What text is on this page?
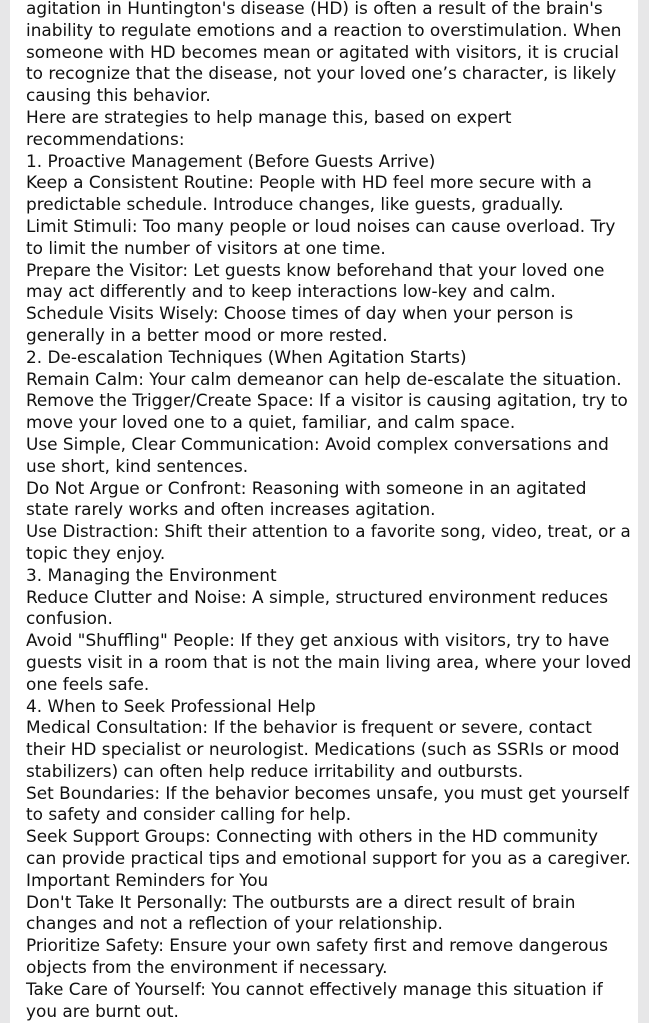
agitation in Huntington's disease (HD) is often a result of the brain's
inability to regulate emotions and a reaction to overstimulation. When
someone with HD becomes mean or agitated with visitors, it is crucial
to recognize that the disease, not your loved one’s character, is likely
causing this behavior.
Here are strategies to help manage this, based on expert
recommendations:
1. Proactive Management (Before Guests Arrive)
Keep a Consistent Routine: People with HD feel more secure with a
predictable schedule. Introduce changes, like guests, gradually.
Limit Stimuli: Too many people or loud noises can cause overload. Try
to limit the number of visitors at one time.
Prepare the Visitor: Let guests know beforehand that your loved one
may act differently and to keep interactions low-key and calm.
Schedule Visits Wisely: Choose times of day when your person is
generally in a better mood or more rested.
2. De-escalation Techniques (When Agitation Starts)
Remain Calm: Your calm demeanor can help de-escalate the situation.
Remove the Trigger/Create Space: If a visitor is causing agitation, try to
move your loved one to a quiet, familiar, and calm space.
Use Simple, Clear Communication: Avoid complex conversations and
use short, kind sentences.
Do Not Argue or Confront: Reasoning with someone in an agitated
state rarely works and often increases agitation.
Use Distraction: Shift their attention to a favorite song, video, treat, or a
topic they enjoy.
3. Managing the Environment
Reduce Clutter and Noise: A simple, structured environment reduces
confusion.
Avoid "Shuffling" People: If they get anxious with visitors, try to have
guests visit in a room that is not the main living area, where your loved
one feels safe.
4. When to Seek Professional Help
Medical Consultation: If the behavior is frequent or severe, contact
their HD specialist or neurologist. Medications (such as SSRIs or mood
stabilizers) can often help reduce irritability and outbursts.
Set Boundaries: If the behavior becomes unsafe, you must get yourself
to safety and consider calling for help.
Seek Support Groups: Connecting with others in the HD community
can provide practical tips and emotional support for you as a caregiver.
Important Reminders for You
Don't Take It Personally: The outbursts are a direct result of brain
changes and not a reflection of your relationship.
Prioritize Safety: Ensure your own safety first and remove dangerous
objects from the environment if necessary.
Take Care of Yourself: You cannot effectively manage this situation if
you are burnt out.
